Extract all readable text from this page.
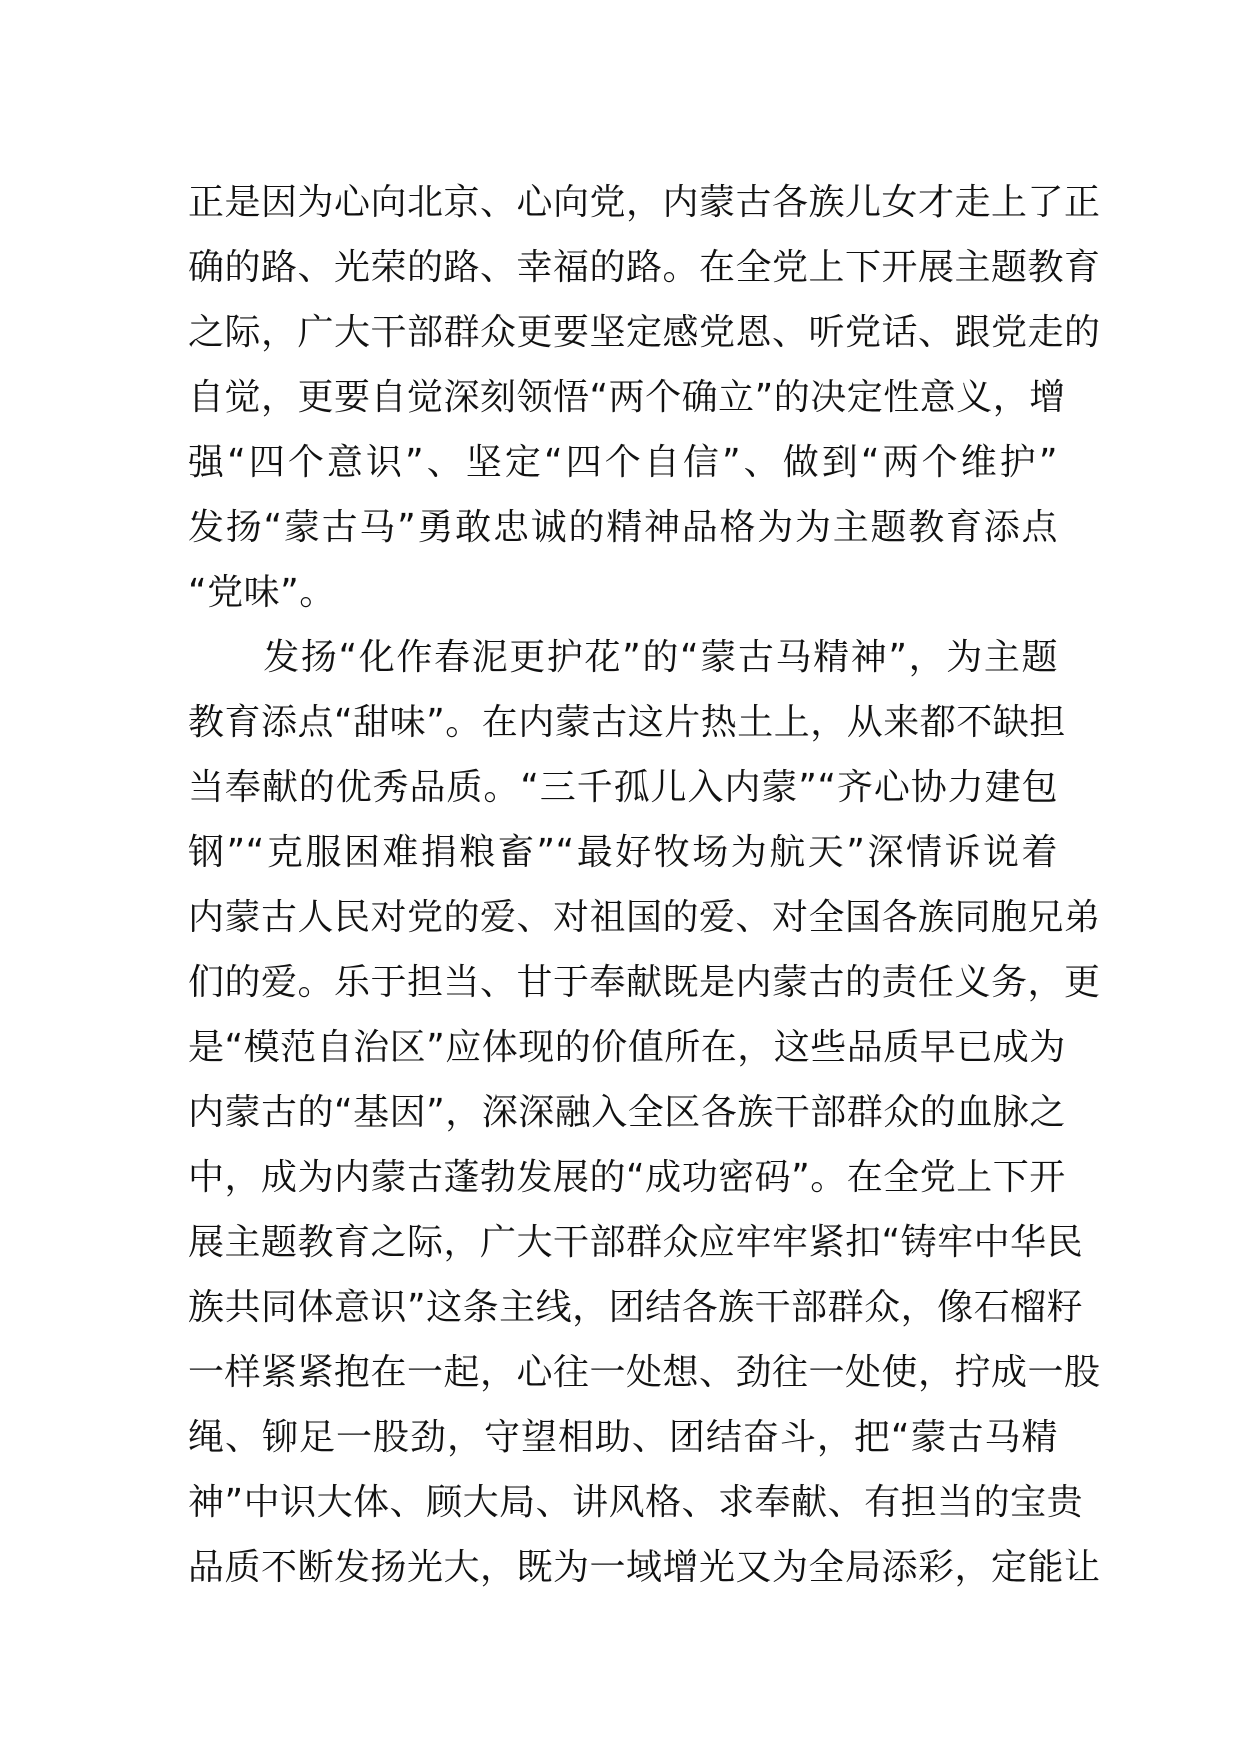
正是因为心向北京、心向党，内蒙古各族儿女才走上了正
确的路、光荣的路、幸福的路。在全党上下开展主题教育
之际，广大干部群众更要坚定感党恩、听党话、跟党走的
自觉，更要自觉深刻领悟“两个确立”的决定性意义，增
强“四个意识”、坚定“四个自信”、做到“两个维护”
发扬“蒙古马”勇敢忠诚的精神品格为为主题教育添点
“党味”。
　　发扬“化作春泥更护花”的“蒙古马精神”，为主题
教育添点“甜味”。在内蒙古这片热土上，从来都不缺担
当奉献的优秀品质。“三千孤儿入内蒙”“齐心协力建包
钢”“克服困难捐粮畜”“最好牧场为航天”深情诉说着
内蒙古人民对党的爱、对祖国的爱、对全国各族同胞兄弟
们的爱。乐于担当、甘于奉献既是内蒙古的责任义务，更
是“模范自治区”应体现的价值所在，这些品质早已成为
内蒙古的“基因”，深深融入全区各族干部群众的血脉之
中，成为内蒙古蓬勃发展的“成功密码”。在全党上下开
展主题教育之际，广大干部群众应牢牢紧扣“铸牢中华民
族共同体意识”这条主线，团结各族干部群众，像石榴籽
一样紧紧抱在一起，心往一处想、劲往一处使，拧成一股
绳、铆足一股劲，守望相助、团结奋斗，把“蒙古马精
神”中识大体、顾大局、讲风格、求奉献、有担当的宝贵
品质不断发扬光大，既为一域增光又为全局添彩，定能让
